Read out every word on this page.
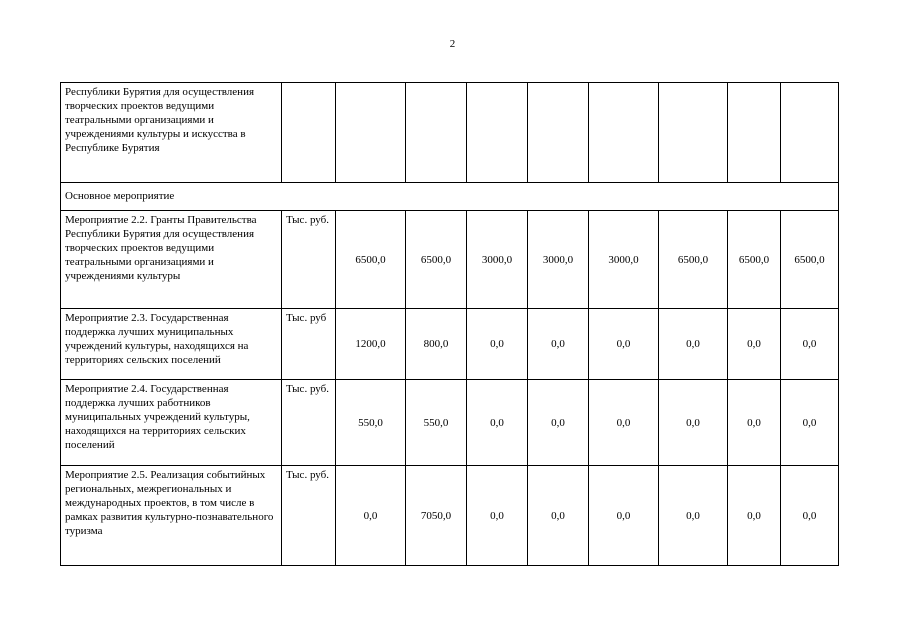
2
Республики Бурятия для осуществления творческих проектов ведущими театральными организациями и учреждениями культуры и искусства в Республике Бурятия									
Основное мероприятие									
Мероприятие 2.2. Гранты Правительства Республики Бурятия для осуществления творческих проектов ведущими театральными организациями и учреждениями культуры	Тыс. руб.	6500,0	6500,0	3000,0	3000,0	3000,0	6500,0	6500,0	6500,0
Мероприятие 2.3. Государственная поддержка лучших муниципальных учреждений культуры, находящихся на территориях сельских поселений	Тыс. руб	1200,0	800,0	0,0	0,0	0,0	0,0	0,0	0,0
Мероприятие 2.4. Государственная поддержка лучших работников муниципальных учреждений культуры, находящихся на территориях сельских поселений	Тыс. руб.	550,0	550,0	0,0	0,0	0,0	0,0	0,0	0,0
Мероприятие 2.5. Реализация событийных региональных, межрегиональных и международных проектов, в том числе в рамках развития культурно-познавательного туризма	Тыс. руб.	0,0	7050,0	0,0	0,0	0,0	0,0	0,0	0,0
